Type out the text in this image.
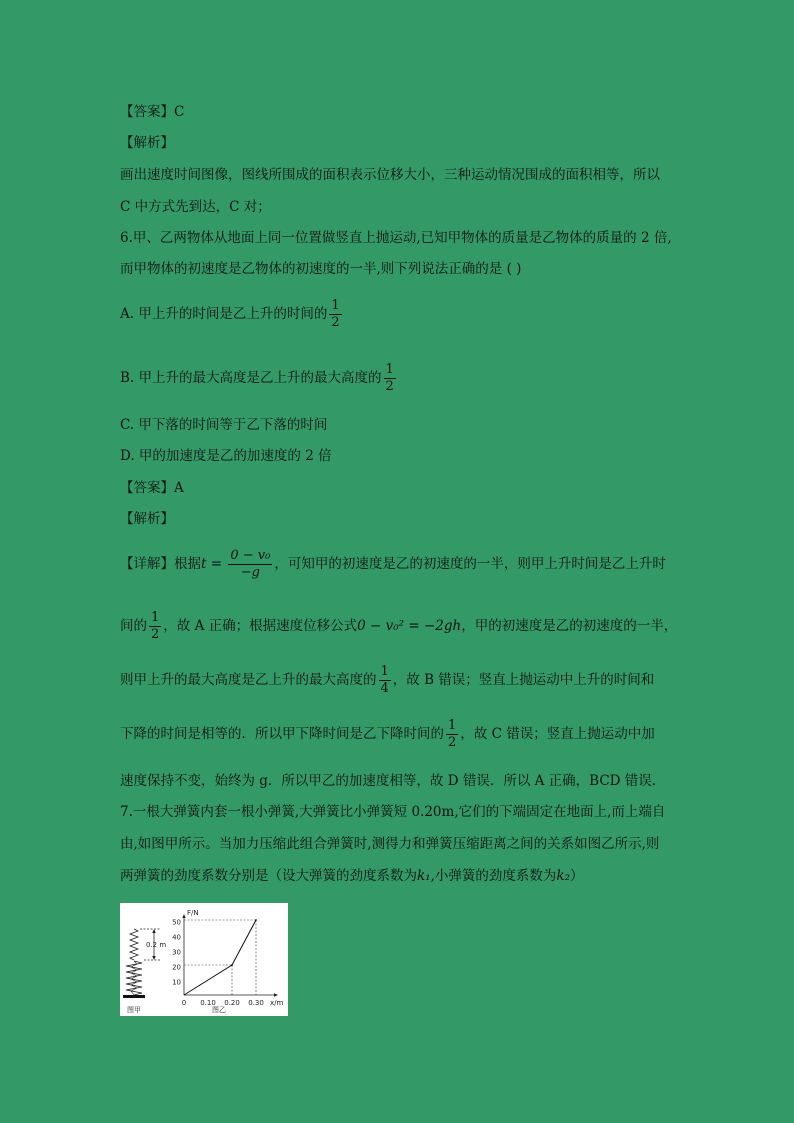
【答案】C
【解析】
画出速度时间图像，图线所围成的面积表示位移大小，三种运动情况围成的面积相等，所以
C 中方式先到达，C 对；
6.甲、乙两物体从地面上同一位置做竖直上抛运动,已知甲物体的质量是乙物体的质量的 2 倍,
而甲物体的初速度是乙物体的初速度的一半,则下列说法正确的是 ( )
A. 甲上升的时间是乙上升的时间的 $\frac{1}{2}$
B. 甲上升的最大高度是乙上升的最大高度的 $\frac{1}{2}$
C. 甲下落的时间等于乙下落的时间
D. 甲的加速度是乙的加速度的 2 倍
【答案】A
【解析】
【详解】根据$t = \frac{\text{0 − v₀}}{-g}$ ，可知甲的初速度是乙的初速度的一半，则甲上升时间是乙上升时
间的 $\frac{1}{2}$ ，故 A 正确；根据速度位移公式0 − v₀² = −2gh，甲的初速度是乙的初速度的一半，
则甲上升的最大高度是乙上升的最大高度的 $\frac{1}{4}$ ，故 B 错误；竖直上抛运动中上升的时间和
下降的时间是相等的．所以甲下降时间是乙下降时间的 $\frac{1}{2}$ ，故 C 错误；竖直上抛运动中加
速度保持不变，始终为 g．所以甲乙的加速度相等，故 D 错误．所以 A 正确，BCD 错误．
7.一根大弹簧内套一根小弹簧,大弹簧比小弹簧短 0.20m,它们的下端固定在地面上,而上端自
由,如图甲所示。当加力压缩此组合弹簧时,测得力和弹簧压缩距离之间的关系如图乙所示,则
两弹簧的劲度系数分别是（设大弹簧的劲度系数为k₁,小弹簧的劲度系数为k₂）
0.2 m
图甲
F/N
x/m
50
40
30
20
10
0 0.10 0.20 0.30
图乙
